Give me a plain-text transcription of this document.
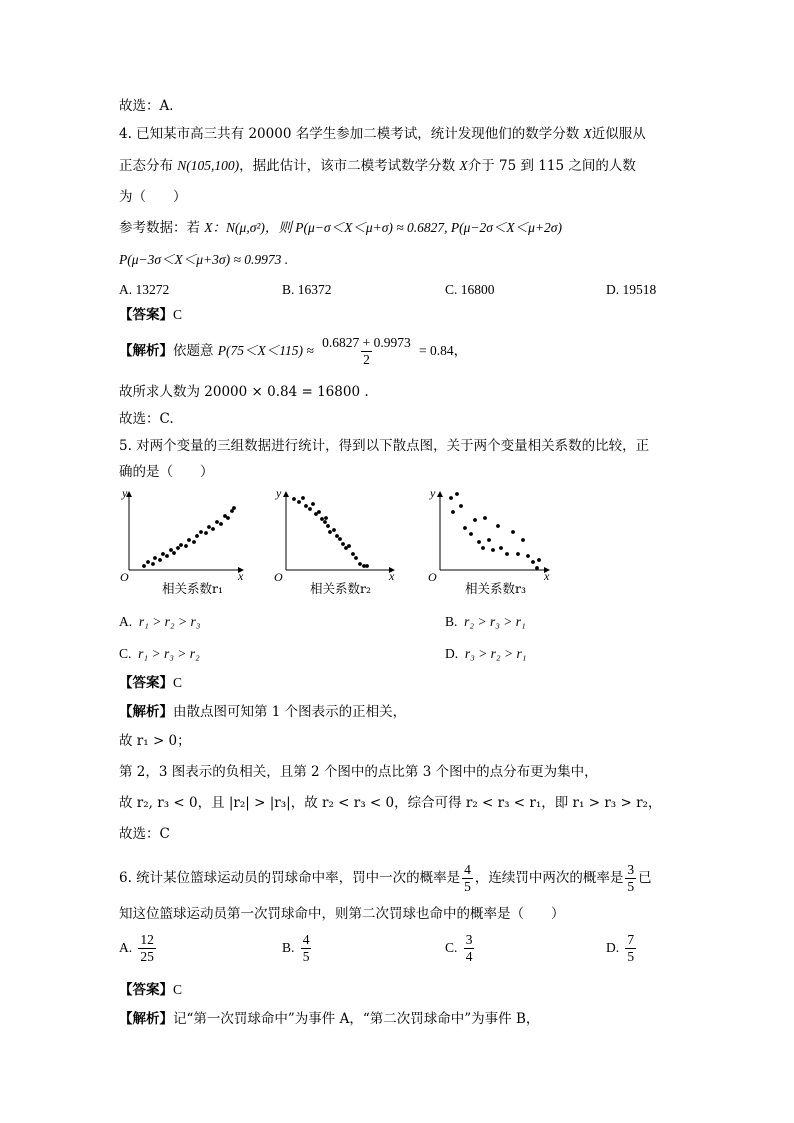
故选：A．
4. 已知某市高三共有 20000 名学生参加二模考试，统计发现他们的数学分数 X近似服从
正态分布 N(105,100)，据此估计，该市二模考试数学分数 X介于 75 到 115 之间的人数
为（　　）
参考数据：若 X：N(μ,σ²)，则 P(μ−σ＜X＜μ+σ) ≈ 0.6827, P(μ−2σ＜X＜μ+2σ)
P(μ−3σ＜X＜μ+3σ) ≈ 0.9973 .
A. 13272	B. 16372	C. 16800	D. 19518
【答案】C
【解析】依题意 $P(75<X<115) \approx \frac{0.6827 + 0.9973}{2} = 0.84$，
故所求人数为 20000 × 0.84 = 16800 .
故选：C.
5. 对两个变量的三组数据进行统计，得到以下散点图，关于两个变量相关系数的比较，正
确的是（　　）
O
y
x	O
y
x	O
y
x
相关系数r₁	相关系数r₂	相关系数r₃
A. r₁ > r₂ > r₃	B. r₂ > r₃ > r₁
C. r₁ > r₃ > r₂	D. r₃ > r₂ > r₁
【答案】C
【解析】由散点图可知第 1 个图表示的正相关，
故 r₁ > 0；
第 2，3 图表示的负相关，且第 2 个图中的点比第 3 个图中的点分布更为集中，
故 r₂, r₃ < 0，且 |r₂| > |r₃|，故 r₂ < r₃ < 0，综合可得 r₂ < r₃ < r₁，即 r₁ > r₃ > r₂，
故选：C
6. 统计某位篮球运动员的罚球命中率，罚中一次的概率是 $\frac{4}{5}$ ，连续罚中两次的概率是 $\frac{3}{5}$ 已
知这位篮球运动员第一次罚球命中，则第二次罚球也命中的概率是（　　）
A. $\frac{12}{25}$	B. $\frac{4}{5}$	C. $\frac{3}{4}$	D. $\frac{7}{5}$
【答案】C
【解析】记“第一次罚球命中”为事件 A，“第二次罚球命中”为事件 B，
